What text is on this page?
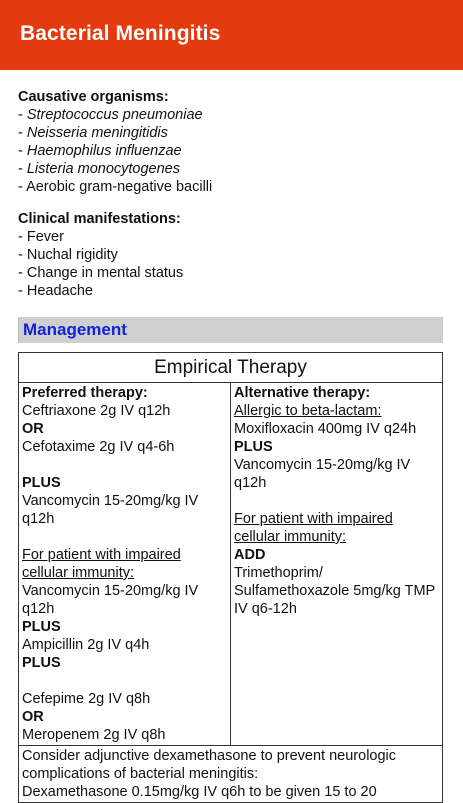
Bacterial Meningitis
Causative organisms:
- Streptococcus pneumoniae
- Neisseria meningitidis
- Haemophilus influenzae
- Listeria monocytogenes
- Aerobic gram-negative bacilli
Clinical manifestations:
- Fever
- Nuchal rigidity
- Change in mental status
- Headache
Management
Empirical Therapy

Preferred therapy:
Ceftriaxone 2g IV q12h
OR
Cefotaxime 2g IV q4-6h
PLUS
Vancomycin 15-20mg/kg IV q12h
For patient with impaired cellular immunity:
Vancomycin 15-20mg/kg IV q12h
PLUS
Ampicillin 2g IV q4h
PLUS
Cefepime 2g IV q8h
OR
Meropenem 2g IV q8h

Alternative therapy:
Allergic to beta-lactam:
Moxifloxacin 400mg IV q24h
PLUS
Vancomycin 15-20mg/kg IV q12h
For patient with impaired cellular immunity:
ADD
Trimethoprim/ Sulfamethoxazole 5mg/kg TMP IV q6-12h

Consider adjunctive dexamethasone to prevent neurologic complications of bacterial meningitis:
Dexamethasone 0.15mg/kg IV q6h to be given 15 to 20
